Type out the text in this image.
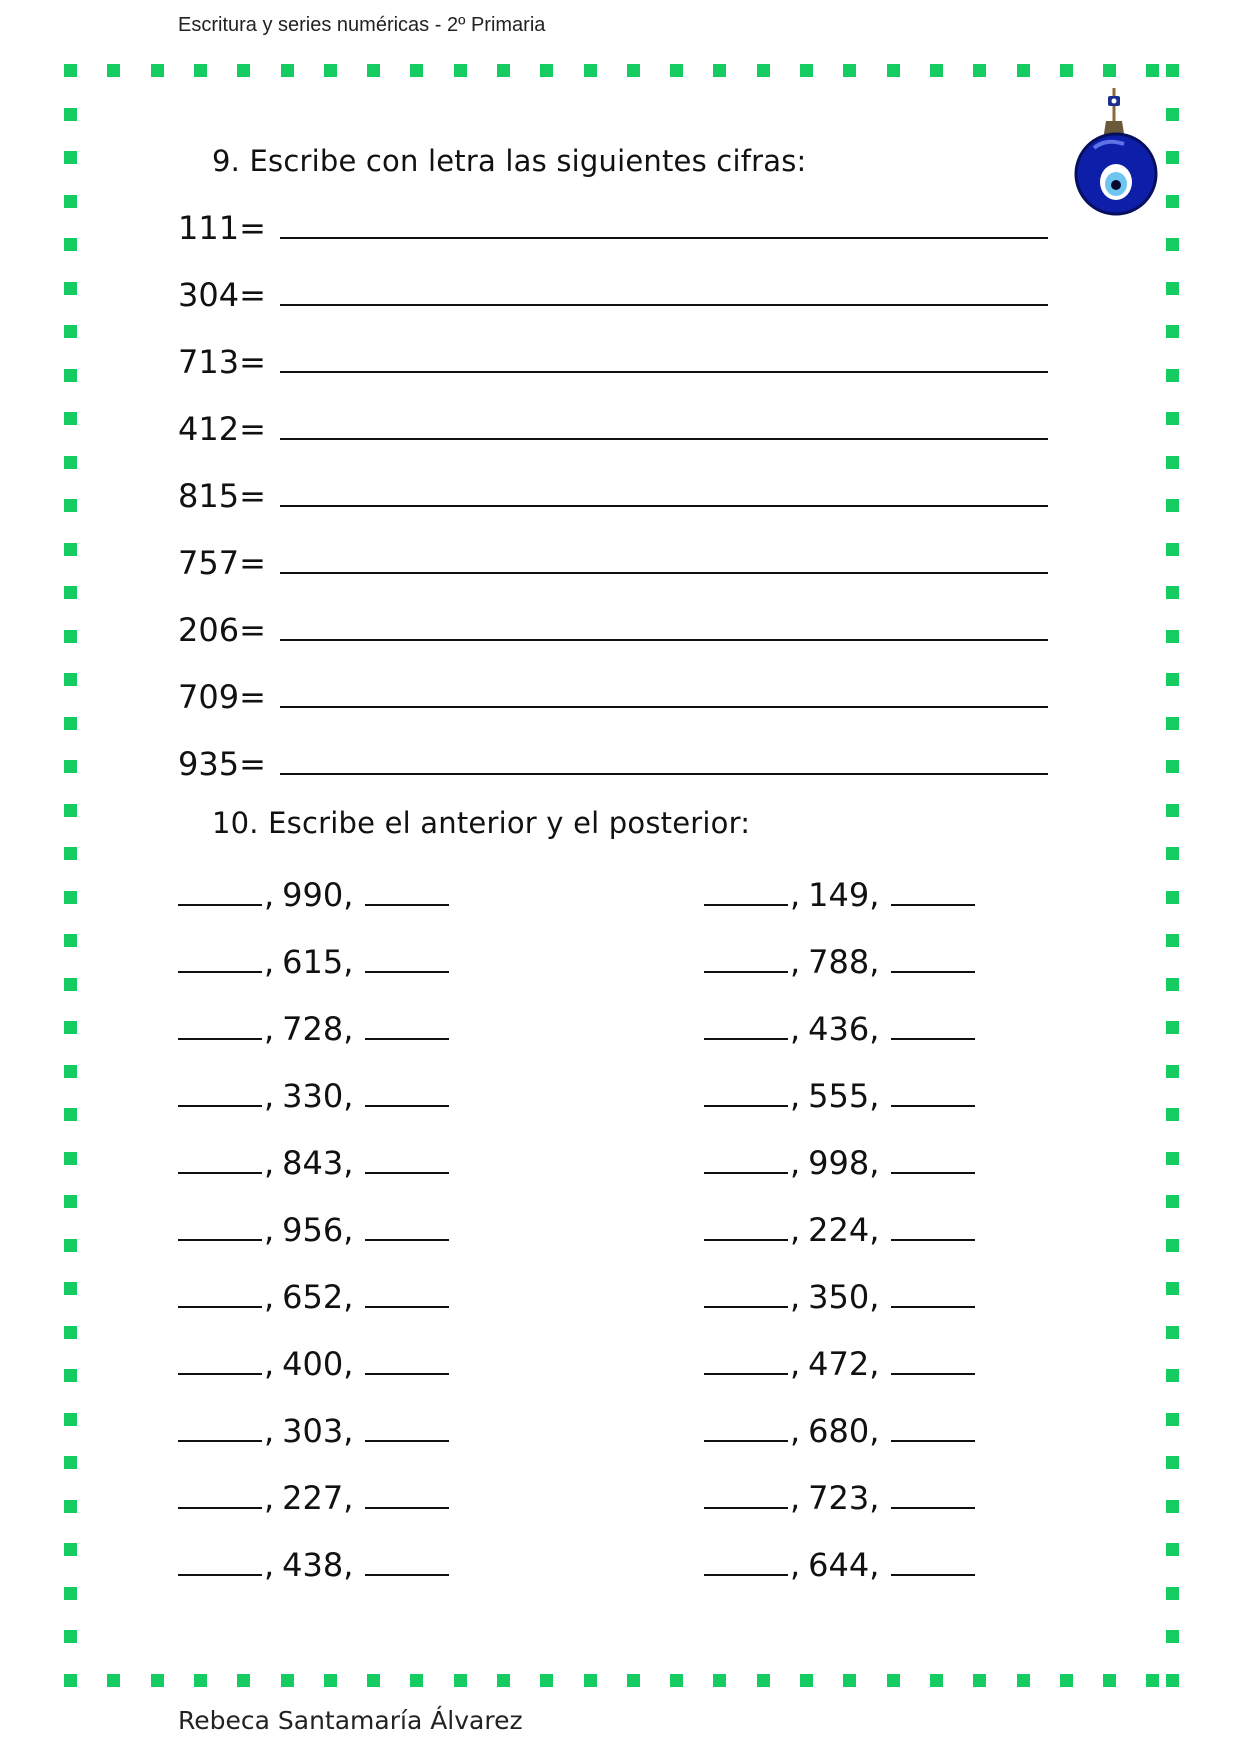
Escritura y series numéricas - 2º Primaria
9. Escribe con letra las siguientes cifras:
111=
304=
713=
412=
815=
757=
206=
709=
935=
10. Escribe el anterior y el posterior:
, 990,
, 615,
, 728,
, 330,
, 843,
, 956,
, 652,
, 400,
, 303,
, 227,
, 438,
, 149,
, 788,
, 436,
, 555,
, 998,
, 224,
, 350,
, 472,
, 680,
, 723,
, 644,
Rebeca Santamaría Álvarez
